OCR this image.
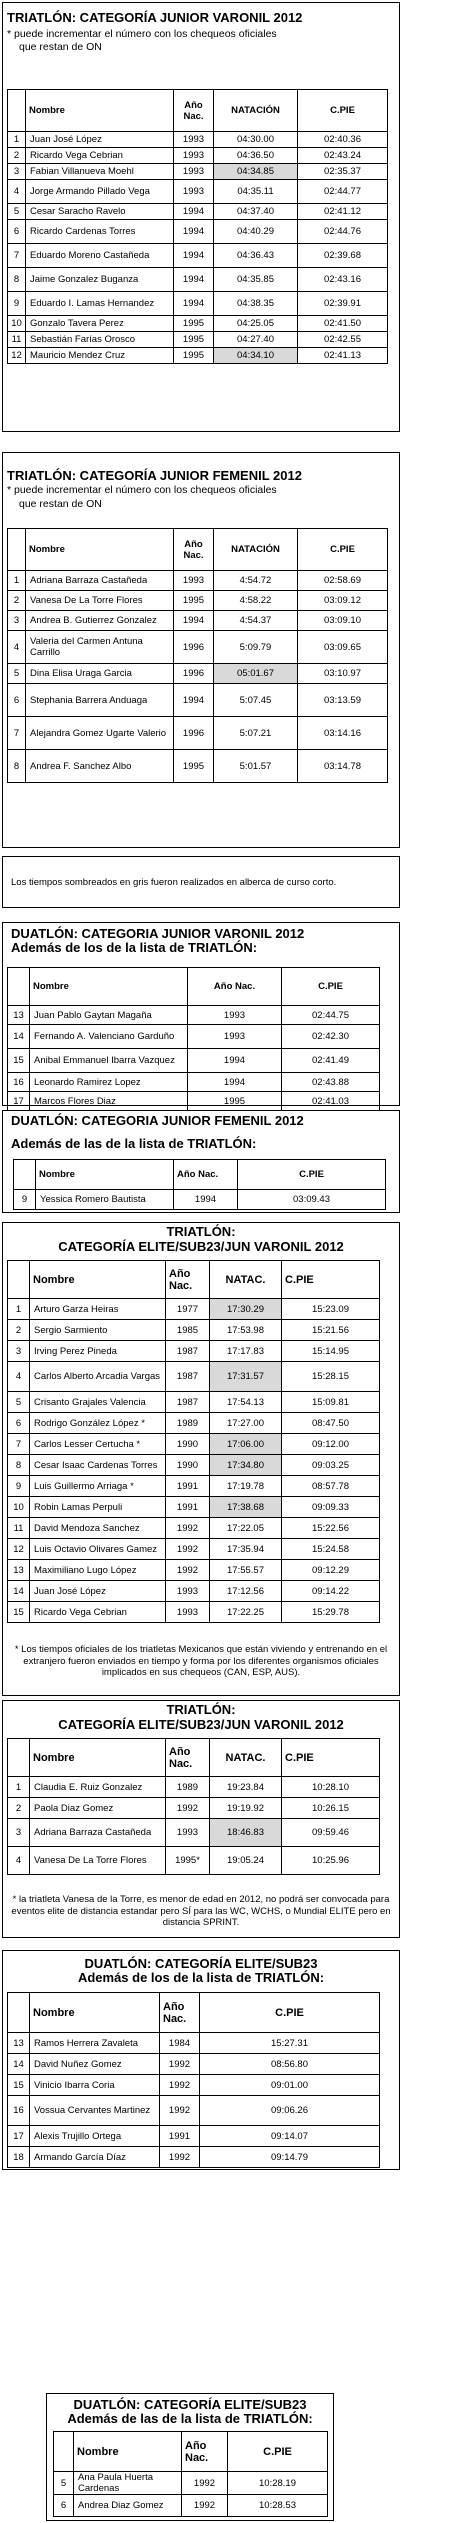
TRIATLÓN: CATEGORÍA JUNIOR VARONIL 2012
* puede incrementar el número con los chequeos oficiales
que restan de ON
	Nombre	Año Nac.	NATACIÓN	C.PIE
1	Juan José López	1993	04:30.00	02:40.36
2	Ricardo Vega Cebrian	1993	04:36.50	02:43.24
3	Fabian Villanueva Moehl	1993	04:34.85	02:35.37
4	Jorge Armando Pillado Vega	1993	04:35.11	02:44.77
5	Cesar Saracho Ravelo	1994	04:37.40	02:41.12
6	Ricardo Cardenas Torres	1994	04:40.29	02:44.76
7	Eduardo Moreno Castañeda	1994	04:36.43	02:39.68
8	Jaime Gonzalez Buganza	1994	04:35.85	02:43.16
9	Eduardo I. Lamas Hernandez	1994	04:38.35	02:39.91
10	Gonzalo Tavera Perez	1995	04:25.05	02:41.50
11	Sebastián Farías Orosco	1995	04:27.40	02:42.55
12	Mauricio Mendez Cruz	1995	04:34.10	02:41.13
TRIATLÓN: CATEGORÍA JUNIOR FEMENIL 2012
* puede incrementar el número con los chequeos oficiales
que restan de ON
	Nombre	Año Nac.	NATACIÓN	C.PIE
1	Adriana Barraza Castañeda	1993	4:54.72	02:58.69
2	Vanesa De La Torre Flores	1995	4:58.22	03:09.12
3	Andrea B. Gutierrez Gonzalez	1994	4:54.37	03:09.10
4	Valeria del Carmen Antuna Carrillo	1996	5:09.79	03:09.65
5	Dina Elisa Uraga Garcia	1996	05:01.67	03:10.97
6	Stephania Barrera Anduaga	1994	5:07.45	03:13.59
7	Alejandra Gomez Ugarte Valerio	1996	5:07.21	03:14.16
8	Andrea F. Sanchez Albo	1995	5:01.57	03:14.78
Los tiempos sombreados en gris fueron realizados en alberca de curso corto.
DUATLÓN: CATEGORIA JUNIOR VARONIL 2012
Además de los de la lista de TRIATLÓN:
	Nombre	Año Nac.	C.PIE
13	Juan Pablo Gaytan Magaña	1993	02:44.75
14	Fernando A. Valenciano Garduño	1993	02:42.30
15	Anibal Emmanuel Ibarra Vazquez	1994	02:41.49
16	Leonardo Ramirez Lopez	1994	02:43.88
17	Marcos Flores Diaz	1995	02:41.03
DUATLÓN: CATEGORIA JUNIOR FEMENIL 2012
Además de las de la lista de TRIATLÓN:
	Nombre	Año Nac.	C.PIE
9	Yessica Romero Bautista	1994	03:09.43
TRIATLÓN:
CATEGORÍA ELITE/SUB23/JUN VARONIL 2012
	Nombre	Año Nac.	NATAC.	C.PIE
1	Arturo Garza Heiras	1977	17:30.29	15:23.09
2	Sergio Sarmiento	1985	17:53.98	15:21.56
3	Irving Perez Pineda	1987	17:17.83	15:14.95
4	Carlos Alberto Arcadia Vargas	1987	17:31.57	15:28.15
5	Crisanto Grajales Valencia	1987	17:54.13	15:09.81
6	Rodrigo González López *	1989	17:27.00	08:47.50
7	Carlos Lesser Certucha *	1990	17:06.00	09:12.00
8	Cesar Isaac Cardenas Torres	1990	17:34.80	09:03.25
9	Luis Guillermo Arriaga *	1991	17:19.78	08:57.78
10	Robin Lamas Perpuli	1991	17:38.68	09:09.33
11	David Mendoza Sanchez	1992	17:22.05	15:22.56
12	Luis Octavio Olivares Gamez	1992	17:35.94	15:24.58
13	Maximiliano Lugo López	1992	17:55.57	09:12.29
14	Juan José López	1993	17:12.56	09:14.22
15	Ricardo Vega Cebrian	1993	17:22.25	15:29.78
* Los tiempos oficiales de los triatletas Mexicanos que están viviendo y entrenando en el extranjero fueron enviados en tiempo y forma por los diferentes organismos oficiales implicados en sus chequeos (CAN, ESP, AUS).
TRIATLÓN:
CATEGORÍA ELITE/SUB23/JUN VARONIL 2012
	Nombre	Año Nac.	NATAC.	C.PIE
1	Claudia E. Ruiz Gonzalez	1989	19:23.84	10:28.10
2	Paola Diaz Gomez	1992	19:19.92	10:26.15
3	Adriana Barraza Castañeda	1993	18:46.83	09:59.46
4	Vanesa De La Torre Flores	1995*	19:05.24	10:25.96
* la triatleta Vanesa de la Torre, es menor de edad en 2012, no podrá ser convocada para eventos elite de distancia estandar pero SÍ para las WC, WCHS, o Mundial ELITE pero en distancia SPRINT.
DUATLÓN: CATEGORÍA ELITE/SUB23
Además de los de la lista de TRIATLÓN:
	Nombre	Año Nac.	C.PIE
13	Ramos Herrera Zavaleta	1984	15:27.31
14	David Nuñez Gomez	1992	08:56.80
15	Vinicio Ibarra Coria	1992	09:01.00
16	Vossua Cervantes Martinez	1992	09:06.26
17	Alexis Trujillo Ortega	1991	09:14.07
18	Armando García Díaz	1992	09:14.79
DUATLÓN: CATEGORÍA ELITE/SUB23
Además de las de la lista de TRIATLÓN:
	Nombre	Año Nac.	C.PIE
5	Ana Paula Huerta Cardenas	1992	10:28.19
6	Andrea Diaz Gomez	1992	10:28.53
